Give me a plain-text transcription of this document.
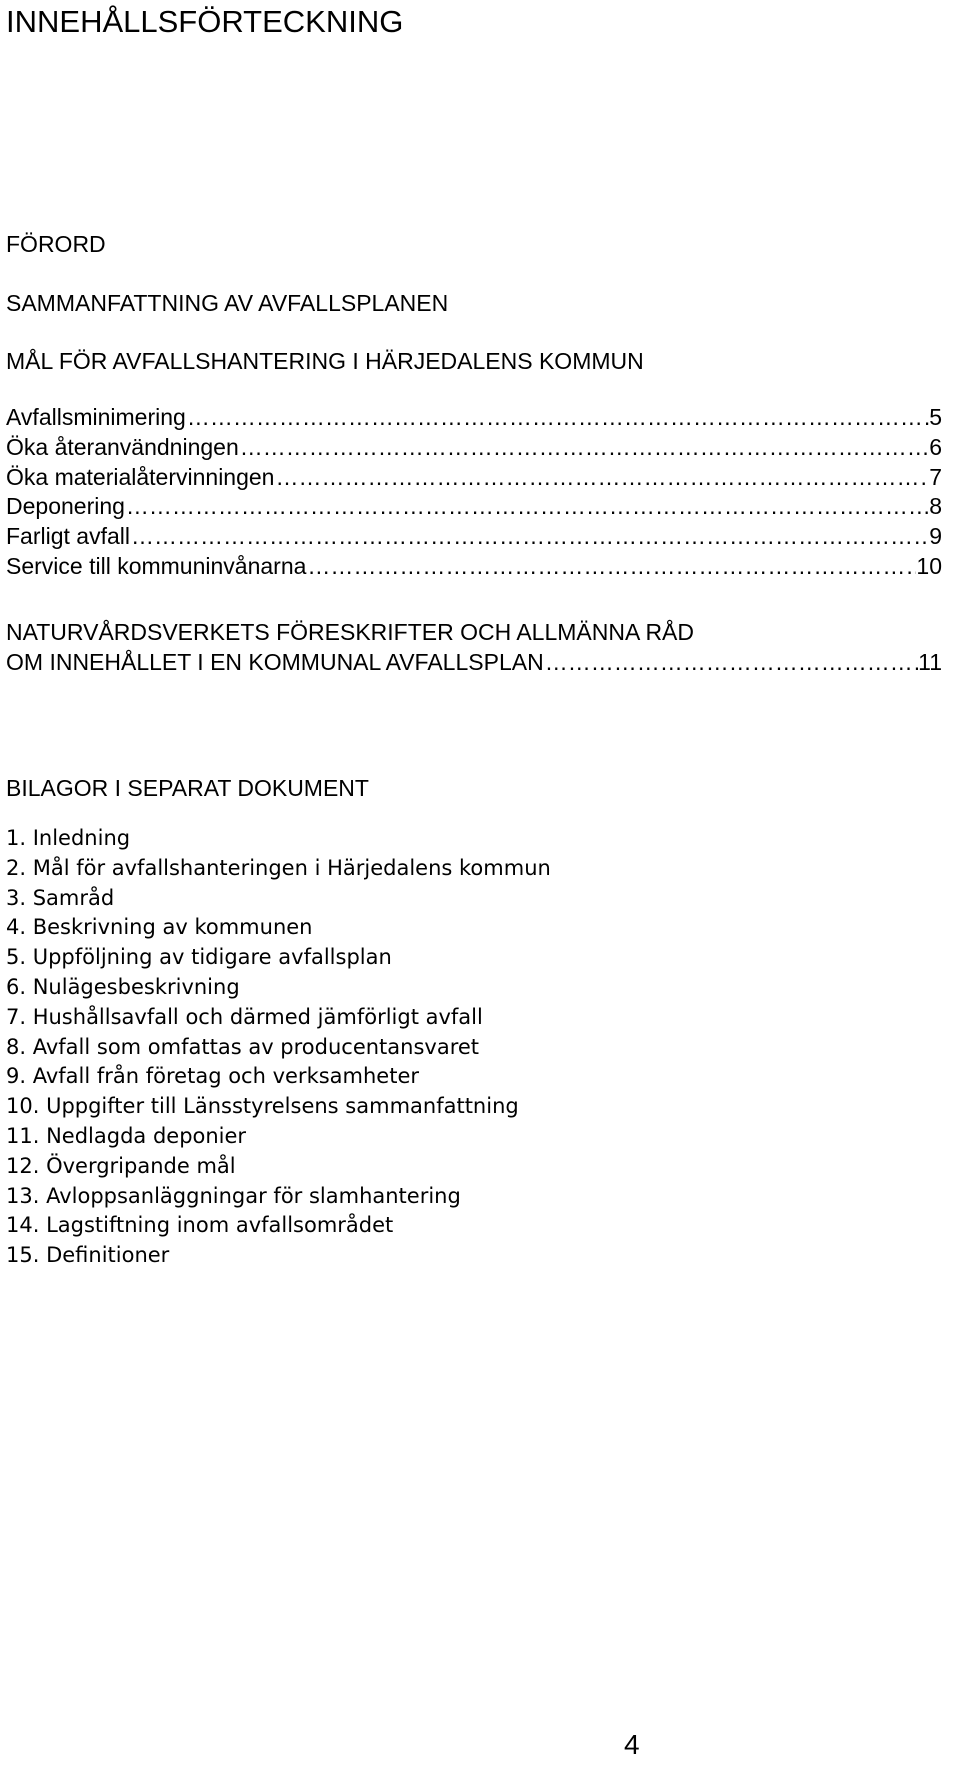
INNEHÅLLSFÖRTECKNING
FÖRORD
SAMMANFATTNING AV AVFALLSPLANEN
MÅL FÖR AVFALLSHANTERING I HÄRJEDALENS KOMMUN
Avfallsminimering …………………………………………………………………………………………………………………	5
Öka återanvändningen …………………………………………………………………………………………………………………	6
Öka materialåtervinningen …………………………………………………………………………………………………………………	7
Deponering …………………………………………………………………………………………………………………	8
Farligt avfall …………………………………………………………………………………………………………………	9
Service till kommuninvånarna …………………………………………………………………………………………………………………	10
NATURVÅRDSVERKETS FÖRESKRIFTER OCH ALLMÄNNA RÅD
OM INNEHÅLLET I EN KOMMUNAL AVFALLSPLAN …………………………………………………………………………………………………………………	11
BILAGOR I SEPARAT DOKUMENT
1. Inledning
2. Mål för avfallshanteringen i Härjedalens kommun
3. Samråd
4. Beskrivning av kommunen
5. Uppföljning av tidigare avfallsplan
6. Nulägesbeskrivning
7. Hushållsavfall och därmed jämförligt avfall
8. Avfall som omfattas av producentansvaret
9. Avfall från företag och verksamheter
10. Uppgifter till Länsstyrelsens sammanfattning
11. Nedlagda deponier
12. Övergripande mål
13. Avloppsanläggningar för slamhantering
14. Lagstiftning inom avfallsområdet
15. Definitioner
4
